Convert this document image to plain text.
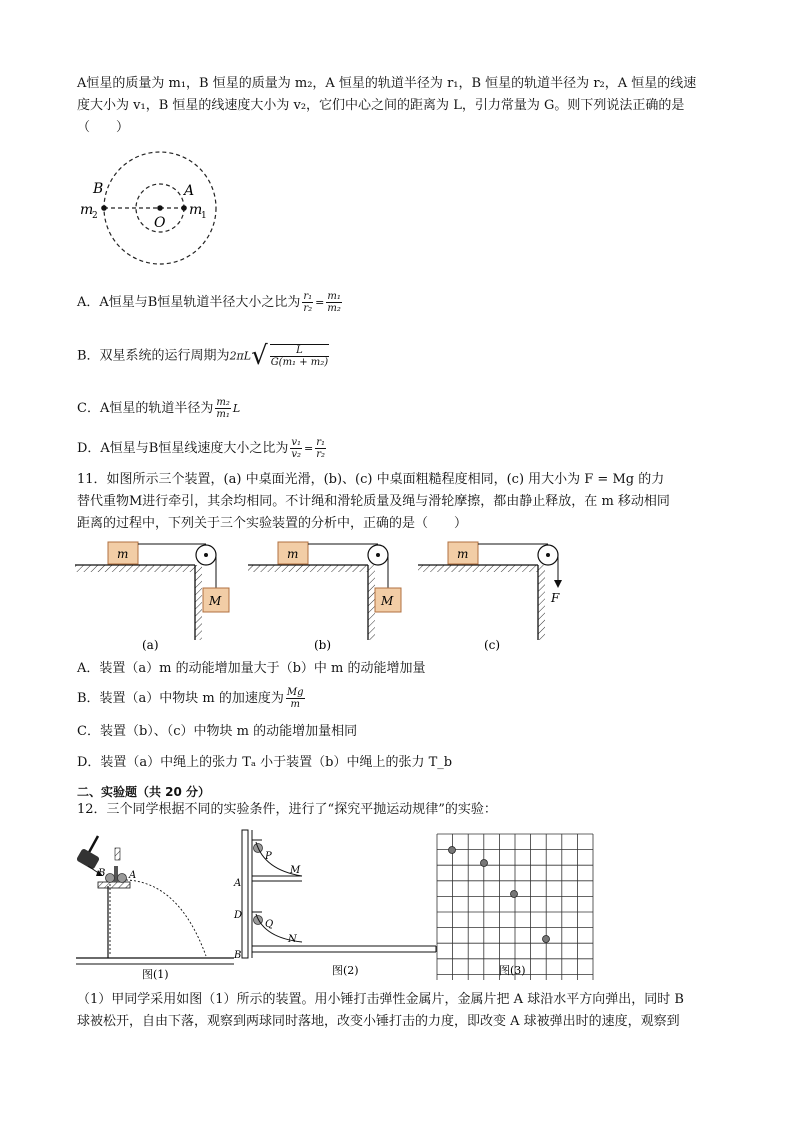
A恒星的质量为 m₁，B 恒星的质量为 m₂，A 恒星的轨道半径为 r₁，B 恒星的轨道半径为 r₂，A 恒星的线速
度大小为 v₁，B 恒星的线速度大小为 v₂，它们中心之间的距离为 L，引力常量为 G。则下列说法正确的是
（　　）
B	A
O
m
2	m
1
A．A恒星与B恒星轨道半径大小之比为 $\frac{\text{r₁}}{\text{r₂}} = \frac{\text{m₁}}{\text{m₂}}$
B．双星系统的运行周期为$2\pi L√ \frac{L}{\text{G(m₁ + m₂)}}$
C．A恒星的轨道半径为 $\frac{\text{m₂}}{\text{m₁}}$ L
D．A恒星与B恒星线速度大小之比为 $\frac{\text{v₁}}{\text{v₂}} = \frac{\text{r₁}}{\text{r₂}}$
11．如图所示三个装置，(a) 中桌面光滑，(b)、(c) 中桌面粗糙程度相同，(c) 用大小为 F = Mg 的力
替代重物M进行牵引，其余均相同。不计绳和滑轮质量及绳与滑轮摩擦，都由静止释放，在 m 移动相同
距离的过程中，下列关于三个实验装置的分析中，正确的是（　　）
m
M
(a)
m
M
(b)
m
F
(c)
A．装置（a）m 的动能增加量大于（b）中 m 的动能增加量
B．装置（a）中物块 m 的加速度为 $\frac{Mg}{m}$
C．装置（b）、（c）中物块 m 的动能增加量相同
D．装置（a）中绳上的张力 Tₐ 小于装置（b）中绳上的张力 T_b
二、实验题（共 20 分）
12．三个同学根据不同的实验条件，进行了“探究平抛运动规律”的实验：
B A
图(1)
P
M
A
D
Q
N
B
图(2)	图(3)
（1）甲同学采用如图（1）所示的装置。用小锤打击弹性金属片，金属片把 A 球沿水平方向弹出，同时 B
球被松开，自由下落，观察到两球同时落地，改变小锤打击的力度，即改变 A 球被弹出时的速度，观察到
